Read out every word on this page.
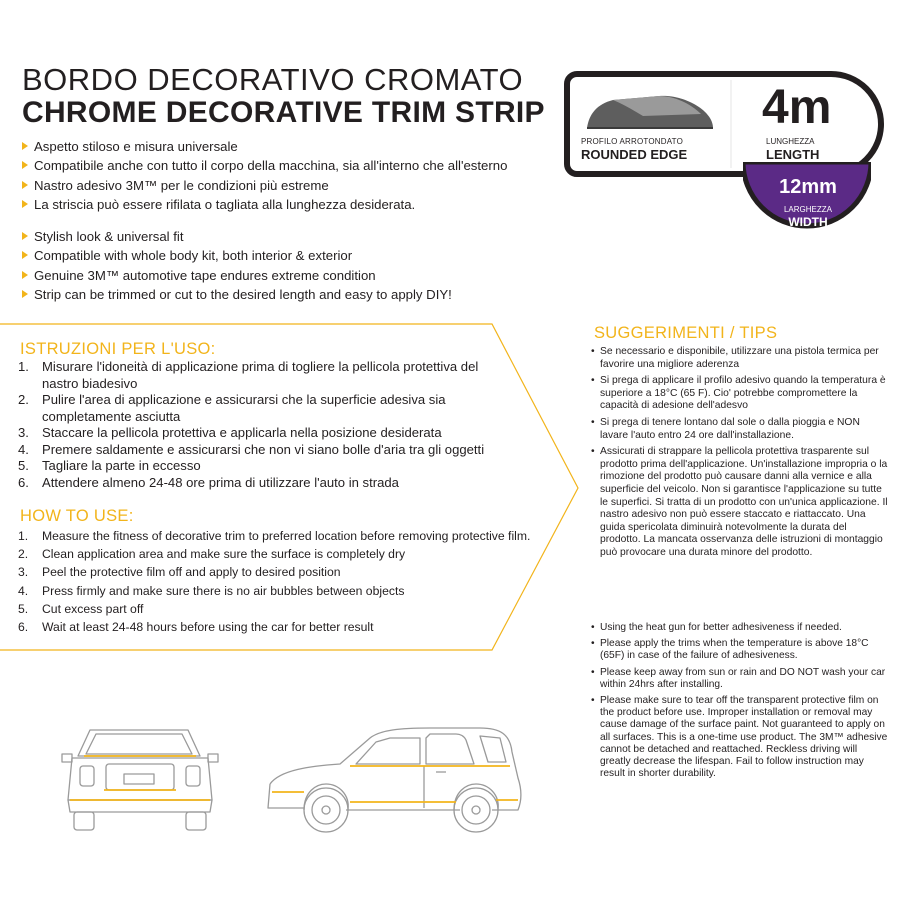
BORDO DECORATIVO CROMATO
CHROME DECORATIVE TRIM STRIP
Aspetto stiloso e misura universale
Compatibile anche con tutto il corpo della macchina, sia all'interno che all'esterno
Nastro adesivo 3M™ per le condizioni più estreme
La striscia può essere rifilata o tagliata alla lunghezza desiderata.
Stylish look & universal fit
Compatible with whole body kit, both interior & exterior
Genuine 3M™ automotive tape endures extreme condition
Strip can be trimmed or cut to the desired length and easy to apply DIY!
PROFILO ARROTONDATO
ROUNDED EDGE
4m
LUNGHEZZA
LENGTH
12mm
LARGHEZZA
WIDTH
ISTRUZIONI PER L'USO:
1. Misurare l'idoneità di applicazione prima di togliere la pellicola protettiva del
nastro biadesivo
2. Pulire l'area di applicazione e assicurarsi che la superficie adesiva sia
completamente asciutta
3. Staccare la pellicola protettiva e applicarla nella posizione desiderata
4. Premere saldamente e assicurarsi che non vi siano bolle d'aria tra gli oggetti
5. Tagliare la parte in eccesso
6. Attendere almeno 24-48 ore prima di utilizzare l'auto in strada
HOW TO USE:
1. Measure the fitness of decorative trim to preferred location before removing protective film.
2. Clean application area and make sure the surface is completely dry
3. Peel the protective film off and apply to desired position
4. Press firmly and make sure there is no air bubbles between objects
5. Cut excess part off
6. Wait at least 24-48 hours before using the car for better result
SUGGERIMENTI / TIPS
• Se necessario e disponibile, utilizzare una pistola termica per favorire una migliore aderenza
• Si prega di applicare il profilo adesivo quando la temperatura è superiore a 18°C (65 F). Cio' potrebbe compromettere la capacità di adesione dell'adesvo
• Si prega di tenere lontano dal sole o dalla pioggia e NON lavare l'auto entro 24 ore dall'installazione.
• Assicurati di strappare la pellicola protettiva trasparente sul prodotto prima dell'applicazione. Un'installazione impropria o la rimozione del prodotto può causare danni alla vernice e alla superficie del veicolo. Non si garantisce l'applicazione su tutte le superfici. Si tratta di un prodotto con un'unica applicazione. Il nastro adesivo non può essere staccato e riattaccato. Una guida spericolata diminuirà notevolmente la durata del prodotto. La mancata osservanza delle istruzioni di montaggio può provocare una durata minore del prodotto.
• Using the heat gun for better adhesiveness if needed.
• Please apply the trims when the temperature is above 18°C (65F) in case of the failure of adhesiveness.
• Please keep away from sun or rain and DO NOT wash your car within 24hrs after installing.
• Please make sure to tear off the transparent protective film on the product before use. Improper installation or removal may cause damage of the surface paint. Not guaranteed to apply on all surfaces. This is a one-time use product. The 3M™ adhesive cannot be detached and reattached. Reckless driving will greatly decrease the lifespan. Fail to follow instruction may result in shorter durability.
